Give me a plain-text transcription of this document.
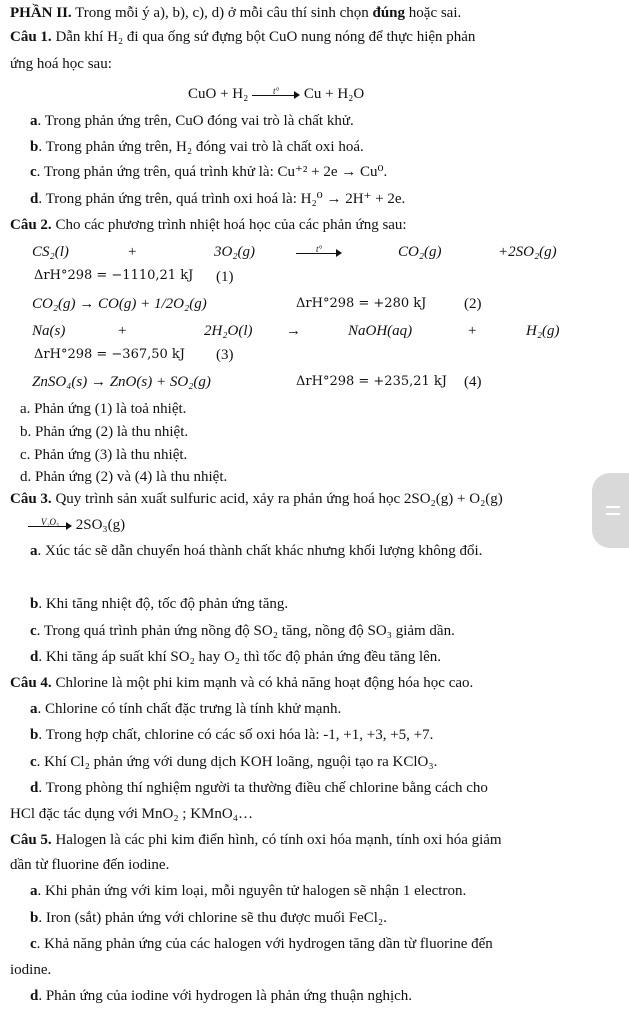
PHẦN II. Trong mỗi ý a), b), c), d) ở mỗi câu thí sinh chọn đúng hoặc sai.
Câu 1. Dẫn khí H₂ đi qua ống sứ đựng bột CuO nung nóng để thực hiện phản
ứng hoá học sau:
CuO + H₂	t°	Cu + H₂O
a. Trong phản ứng trên, CuO đóng vai trò là chất khử.
b. Trong phản ứng trên, H₂ đóng vai trò là chất oxi hoá.
c. Trong phản ứng trên, quá trình khử là: Cu⁺² + 2e → Cu⁰.
d. Trong phản ứng trên, quá trình oxi hoá là: H₂⁰ → 2H⁺ + 2e.
Câu 2. Cho các phương trình nhiệt hoá học của các phản ứng sau:
CS₂(l)	+	3O₂(g)	t°	CO₂(g)	+2SO₂(g)
ΔrH°298 = −1110,21 kJ (1)
CO₂(g) → CO(g) + 1/2O₂(g)	ΔrH°298 = +280 kJ	(2)
Na(s)	+	2H₂O(l) →	NaOH(aq)	+	H₂(g)
ΔrH°298 = −367,50 kJ (3)
ZnSO₄(s) → ZnO(s) + SO₂(g)	ΔrH°298 = +235,21 kJ (4)
a. Phản ứng (1) là toả nhiệt.
b. Phản ứng (2) là thu nhiệt.
c. Phản ứng (3) là thu nhiệt.
d. Phản ứng (2) và (4) là thu nhiệt.
Câu 3. Quy trình sản xuất sulfuric acid, xảy ra phản ứng hoá học 2SO₂(g) + O₂(g)
V₂O₅	2SO₃(g)
a. Xúc tác sẽ dẫn chuyển hoá thành chất khác nhưng khối lượng không đổi.
b. Khi tăng nhiệt độ, tốc độ phản ứng tăng.
c. Trong quá trình phản ứng nồng độ SO₂ tăng, nồng độ SO₃ giảm dần.
d. Khi tăng áp suất khí SO₂ hay O₂ thì tốc độ phản ứng đều tăng lên.
Câu 4. Chlorine là một phi kim mạnh và có khả năng hoạt động hóa học cao.
a. Chlorine có tính chất đặc trưng là tính khử mạnh.
b. Trong hợp chất, chlorine có các số oxi hóa là: -1, +1, +3, +5, +7.
c. Khí Cl₂ phản ứng với dung dịch KOH loãng, nguội tạo ra KClO₃.
d. Trong phòng thí nghiệm người ta thường điều chế chlorine bằng cách cho
HCl đặc tác dụng với MnO₂ ; KMnO₄…
Câu 5. Halogen là các phi kim điển hình, có tính oxi hóa mạnh, tính oxi hóa giảm
dần từ fluorine đến iodine.
a. Khi phản ứng với kim loại, mỗi nguyên tử halogen sẽ nhận 1 electron.
b. Iron (sắt) phản ứng với chlorine sẽ thu được muối FeCl₂.
c. Khả năng phản ứng của các halogen với hydrogen tăng dần từ fluorine đến
iodine.
d. Phản ứng của iodine với hydrogen là phản ứng thuận nghịch.
